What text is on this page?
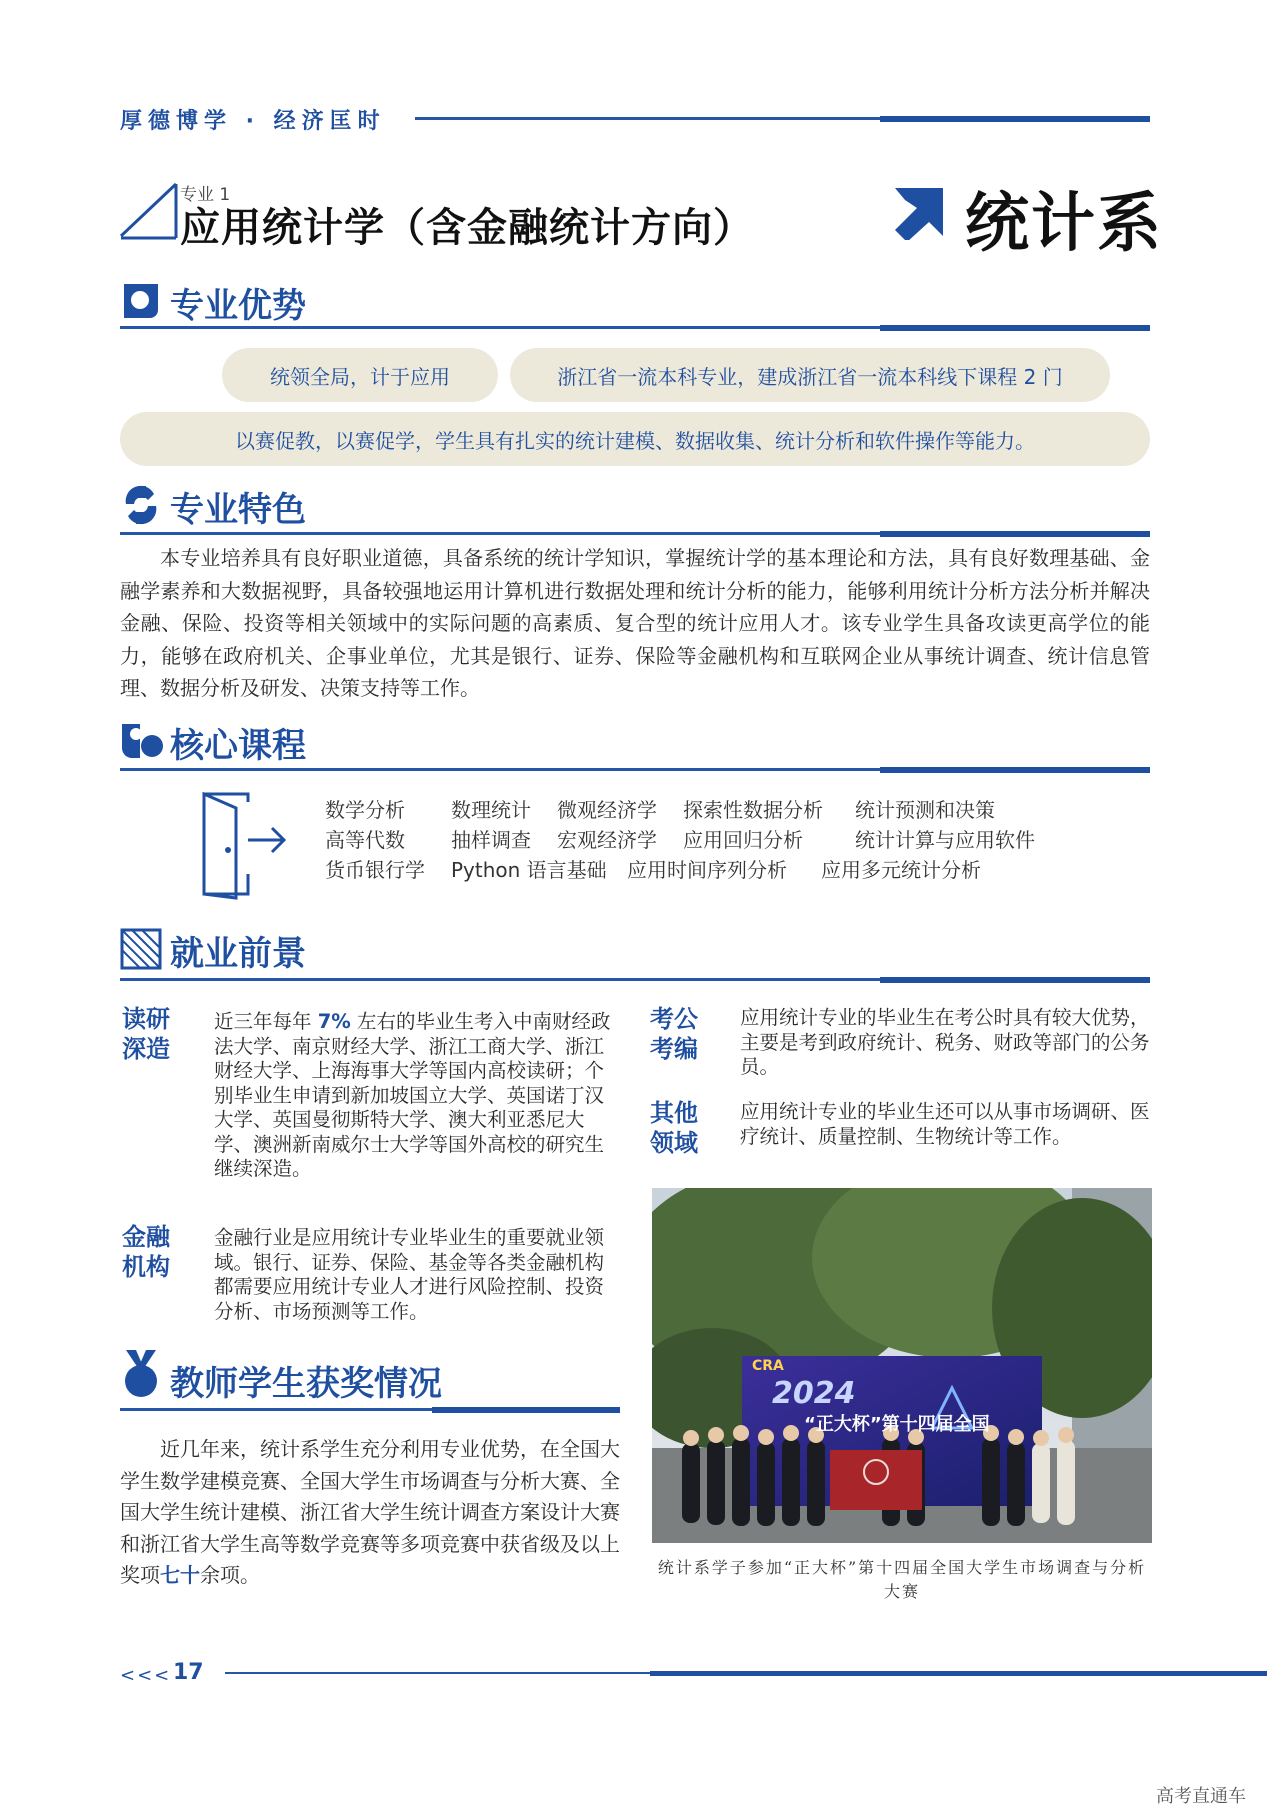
厚德博学 · 经济匡时
专业 1
应用统计学（含金融统计方向）	统计系
专业优势
统领全局，计于应用	浙江省一流本科专业，建成浙江省一流本科线下课程 2 门
以赛促教，以赛促学，学生具有扎实的统计建模、数据收集、统计分析和软件操作等能力。
专业特色
本专业培养具有良好职业道德，具备系统的统计学知识，掌握统计学的基本理论和方法，具有良好数理基础、金融学素养和大数据视野，具备较强地运用计算机进行数据处理和统计分析的能力，能够利用统计分析方法分析并解决金融、保险、投资等相关领域中的实际问题的高素质、复合型的统计应用人才。该专业学生具备攻读更高学位的能力，能够在政府机关、企事业单位，尤其是银行、证券、保险等金融机构和互联网企业从事统计调查、统计信息管理、数据分析及研发、决策支持等工作。
核心课程
数学分析 数理统计 微观经济学 探索性数据分析 统计预测和决策
高等代数 抽样调查 宏观经济学 应用回归分析	统计计算与应用软件
货币银行学 Python 语言基础 应用时间序列分析 应用多元统计分析
就业前景
读研深造
近三年每年 7% 左右的毕业生考入中南财经政法大学、南京财经大学、浙江工商大学、浙江财经大学、上海海事大学等国内高校读研；个别毕业生申请到新加坡国立大学、英国诺丁汉大学、英国曼彻斯特大学、澳大利亚悉尼大学、澳洲新南威尔士大学等国外高校的研究生继续深造。
考公考编
应用统计专业的毕业生在考公时具有较大优势，主要是考到政府统计、税务、财政等部门的公务员。
其他领域
应用统计专业的毕业生还可以从事市场调研、医疗统计、质量控制、生物统计等工作。
金融机构
金融行业是应用统计专业毕业生的重要就业领域。银行、证券、保险、基金等各类金融机构都需要应用统计专业人才进行风险控制、投资分析、市场预测等工作。
CRA
2024
“正大杯”第十四届全国
统计系学子参加“正大杯”第十四届全国大学生市场调查与分析大赛
教师学生获奖情况
近几年来，统计系学生充分利用专业优势，在全国大学生数学建模竞赛、全国大学生市场调查与分析大赛、全国大学生统计建模、浙江省大学生统计调查方案设计大赛和浙江省大学生高等数学竞赛等多项竞赛中获省级及以上奖项七十余项。
<<< 17
高考直通车
